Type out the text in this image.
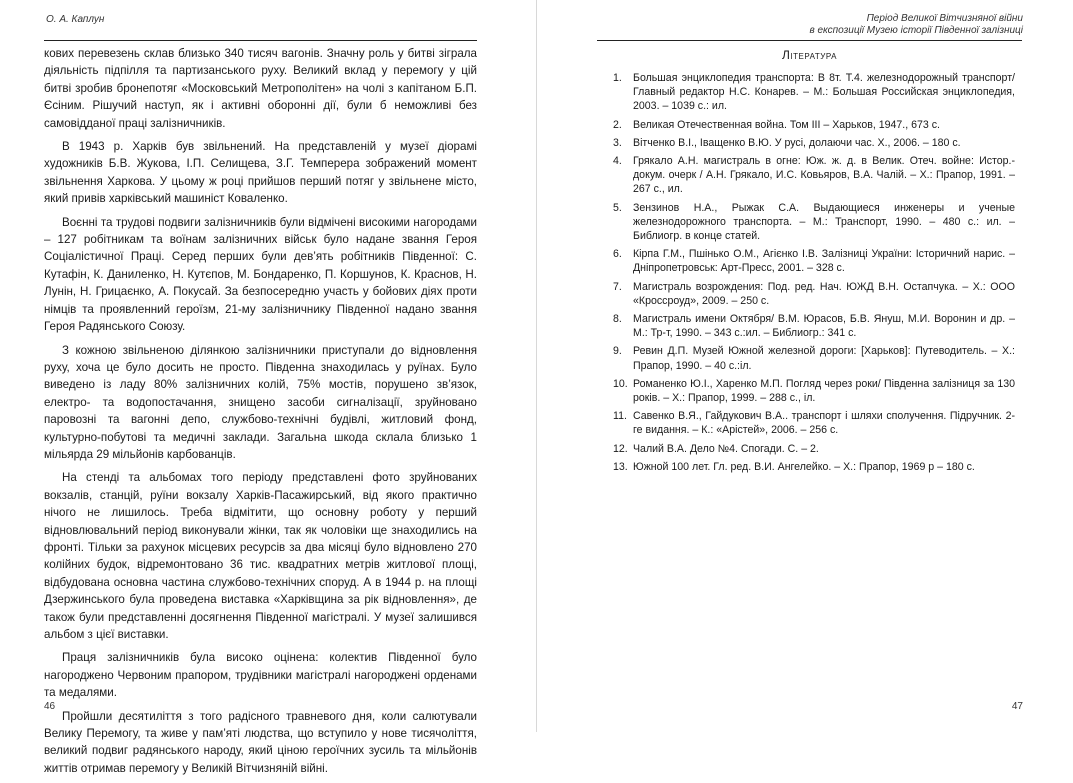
О. А. Каплун

кових перевезень склав близько 340 тисяч вагонів. Значну роль у битві зіграла діяльність підпілля та партизанського руху. Великий вклад у перемогу у цій битві зробив бронепотяг «Московський Метрополітен» на чолі з капітаном Б.П. Єсіним. Рішучий наступ, як і активні оборонні дії, були б неможливі без самовідданої праці залізничників.

В 1943 р. Харків був звільнений. На представленій у музеї діорамі художників Б.В. Жукова, І.П. Селищева, З.Г. Темперера зображений момент звільнення Харкова. У цьому ж році прийшов перший потяг у звільнене місто, який привів харківський машиніст Коваленко.

Воєнні та трудові подвиги залізничників були відмічені високими нагородами – 127 робітникам та воїнам залізничних військ було надане звання Героя Соціалістичної Праці. Серед перших були дев’ять робітників Південної: С. Кутафін, К. Даниленко, Н. Кутєпов, М. Бондаренко, П. Коршунов, К. Краснов, Н. Лунін, Н. Грицаєнко, А. Покусай. За безпосередню участь у бойових діях проти німців та проявленний героїзм, 21-му залізничнику Південної надано звання Героя Радянського Союзу.

З кожною звільненою ділянкою залізничники приступали до відновлення руху, хоча це було досить не просто. Південна знаходилась у руїнах. Було виведено із ладу 80% залізничних колій, 75% мостів, порушено зв’язок, електро- та водопостачання, знищено засоби сигналізації, зруйновано паровозні та вагонні депо, службово-технічні будівлі, житловий фонд, культурно-побутові та медичні заклади. Загальна шкода склала близько 1 мільярда 29 мільйонів карбованців.

На стенді та альбомах того періоду представлені фото зруйнованих вокзалів, станцій, руїни вокзалу Харків-Пасажирський, від якого практично нічого не лишилось. Треба відмітити, що основну роботу у перший відновлювальний період виконували жінки, так як чоловіки ще знаходились на фронті. Тільки за рахунок місцевих ресурсів за два місяці було відновлено 270 колійних будок, відремонтовано 36 тис. квадратних метрів житлової площі, відбудована основна частина службово-технічних споруд. А в 1944 р. на площі Дзержинського була проведена виставка «Харківщина за рік відновлення», де також були представленні досягнення Південної магістралі. У музеї залишився альбом з цієї виставки.

Праця залізничників була високо оцінена: колектив Південної було нагороджено Червоним прапором, трудівники магістралі нагороджені орденами та медалями.

Пройшли десятиліття з того радісного травневого дня, коли салютували Велику Перемогу, та живе у пам’яті людства, що вступило у нове тисячоліття, великий подвиг радянського народу, який ціною героїчних зусиль та мільйонів життів отримав перемогу у Великій Вітчизняній війні.

46
Період Великої Вітчизняної війни
в експозиції Музею історії Південної залізниці
Література
1. Большая энциклопедия транспорта: В 8т. Т.4. железнодорожный транспорт/ Главный редактор Н.С. Конарев. – М.: Большая Российская энциклопедия, 2003. – 1039 с.: ил.
2. Великая Отечественная война. Том ІІІ – Харьков, 1947., 673 с.
3. Вітченко В.І., Іващенко В.Ю. У русі, долаючи час. Х., 2006. – 180 с.
4. Грякало А.Н. магистраль в огне: Юж. ж. д. в Велик. Отеч. войне: Истор.-докум. очерк / А.Н. Грякало, И.С. Ковьяров, В.А. Чалій. – Х.: Прапор, 1991. – 267 с., ил.
5. Зензинов Н.А., Рыжак С.А. Выдающиеся инженеры и ученые железнодорожного транспорта. – М.: Транспорт, 1990. – 480 с.: ил. – Библиогр. в конце статей.
6. Кірпа Г.М., Пшінько О.М., Агієнко І.В. Залізниці України: Історичний нарис. – Дніпропетровськ: Арт-Пресс, 2001. – 328 с.
7. Магистраль возрождения: Под. ред. Нач. ЮЖД В.Н. Остапчука. – Х.: ООО «Кроссроуд», 2009. – 250 с.
8. Магистраль имени Октября/ В.М. Юрасов, Б.В. Януш, М.И. Воронин и др. – М.: Тр-т, 1990. – 343 с.:ил. – Библиогр.: 341 с.
9. Ревин Д.П. Музей Южной железной дороги: [Харьков]: Путеводитель. – Х.: Прапор, 1990. – 40 с.:іл.
10. Романенко Ю.І., Харенко М.П. Погляд через роки/ Південна залізниця за 130 років. – Х.: Прапор, 1999. – 288 с., іл.
11. Савенко В.Я., Гайдукович В.А.. транспорт і шляхи сполучення. Підручник. 2-ге видання. – К.: «Арістей», 2006. – 256 с.
12. Чалий В.А. Дело №4. Спогади. С. – 2.
13. Южной 100 лет. Гл. ред. В.И. Ангелейко. – Х.: Прапор, 1969 р – 180 с.
47
